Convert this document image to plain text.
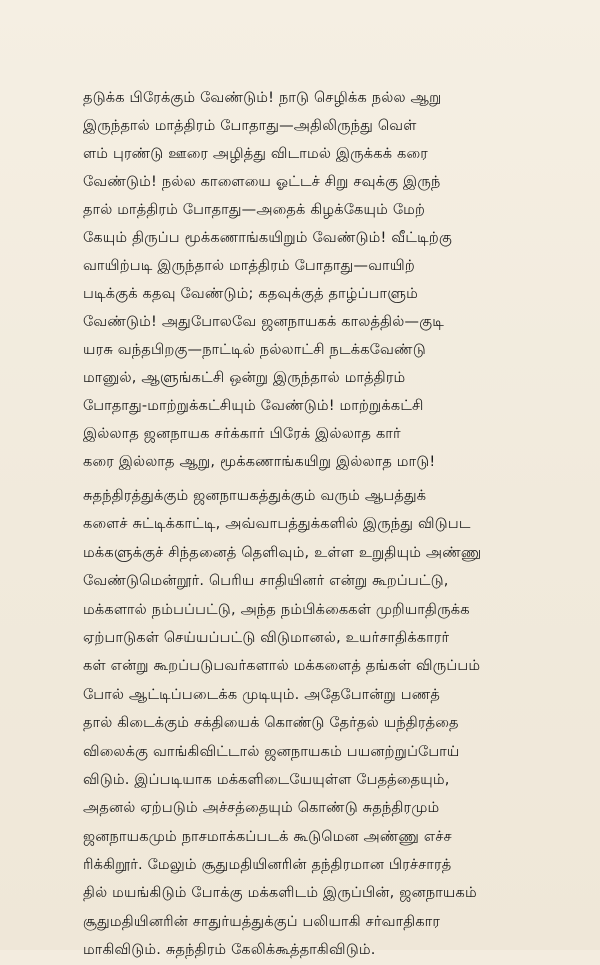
தடுக்க பிரேக்கும் வேண்டும்! நாடு செழிக்க நல்ல ஆறு
இருந்தால் மாத்திரம் போதாது—அதிலிருந்து வெள்
ளம் புரண்டு ஊரை அழித்து விடாமல் இருக்கக் கரை
வேண்டும்! நல்ல காளையை ஓட்டச் சிறு சவுக்கு இருந்
தால் மாத்திரம் போதாது—அதைக் கிழக்கேயும் மேற்
கேயும் திருப்ப மூக்கணாங்கயிறும் வேண்டும்! வீட்டிற்கு
வாயிற்படி இருந்தால் மாத்திரம் போதாது—வாயிற்
படிக்குக் கதவு வேண்டும்; கதவுக்குத் தாழ்ப்பாளும்
வேண்டும்! அதுபோலவே ஜனநாயகக் காலத்தில்—குடி
யரசு வந்தபிறகு—நாட்டில் நல்லாட்சி நடக்கவேண்டு
மானுல், ஆளுங்கட்சி ஒன்று இருந்தால் மாத்திரம்
போதாது-மாற்றுக்கட்சியும் வேண்டும்! மாற்றுக்கட்சி
இல்லாத ஜனநாயக சர்க்கார் பிரேக் இல்லாத கார்
கரை இல்லாத ஆறு, மூக்கணாங்கயிறு இல்லாத மாடு!
சுதந்திரத்துக்கும் ஜனநாயகத்துக்கும் வரும் ஆபத்துக்
களைச் சுட்டிக்காட்டி, அவ்வாபத்துக்களில் இருந்து விடுபட
மக்களுக்குச் சிந்தனைத் தெளிவும், உள்ள உறுதியும் அண்ணு
வேண்டுமென்றூர். பெரிய சாதியினர் என்று கூறப்பட்டு,
மக்களால் நம்பப்பட்டு, அந்த நம்பிக்கைகள் முறியாதிருக்க
ஏற்பாடுகள் செய்யப்பட்டு விடுமானல், உயர்சாதிக்காரர்
கள் என்று கூறப்படுபவர்களால் மக்களைத் தங்கள் விருப்பம்
போல் ஆட்டிப்படைக்க முடியும். அதேபோன்று பணத்
தால் கிடைக்கும் சக்தியைக் கொண்டு தேர்தல் யந்திரத்தை
விலைக்கு வாங்கிவிட்டால் ஜனநாயகம் பயனற்றுப்போய்
விடும். இப்படியாக மக்களிடையேயுள்ள பேதத்தையும்,
அதனல் ஏற்படும் அச்சத்தையும் கொண்டு சுதந்திரமும்
ஜனநாயகமும் நாசமாக்கப்படக் கூடுமென அண்ணு எச்ச
ரிக்கிறூர். மேலும் சூதுமதியினரின் தந்திரமான பிரச்சாரத்
தில் மயங்கிடும் போக்கு மக்களிடம் இருப்பின், ஜனநாயகம்
சூதுமதியினரின் சாதுர்யத்துக்குப் பலியாகி சர்வாதிகார
மாகிவிடும். சுதந்திரம் கேலிக்கூத்தாகிவிடும்.
